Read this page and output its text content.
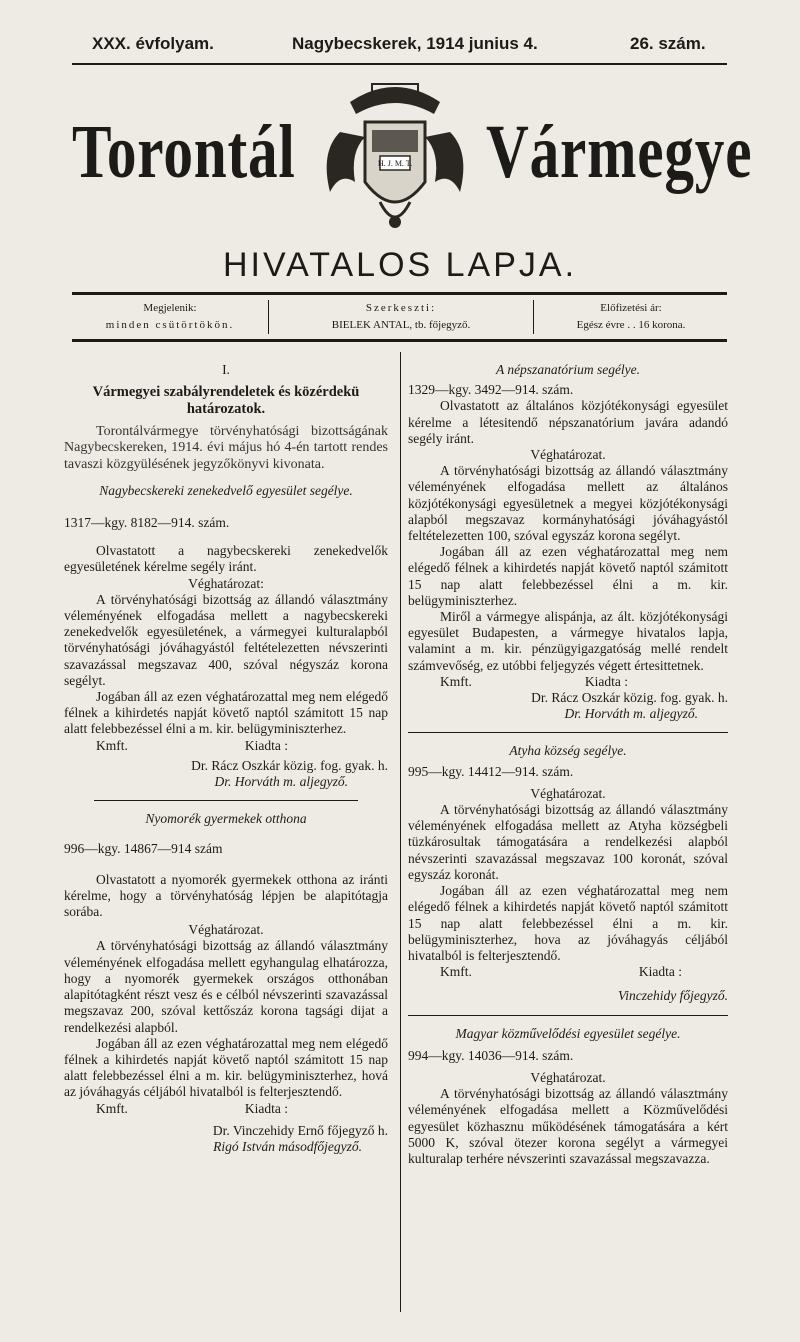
XXX. évfolyam.	Nagybecskerek, 1914 junius 4.	26. szám.
Torontál	Vármegye
H. J. M. T.
HIVATALOS LAPJA.
Megjelenik:
minden csütörtökön.
Szerkeszti:
BIELEK ANTAL, tb. főjegyző.
Előfizetési ár:
Egész évre . . 16 korona.

I.

Vármegyei szabályrendeletek és közérdekü határozatok.

Torontálvármegye törvényhatósági bizottságának Nagybecskereken, 1914. évi május hó 4-én tartott rendes tavaszi közgyülésének jegyzőkönyvi kivonata.

Nagybecskereki zenekedvelő egyesület segélye.

1317—kgy. 8182—914. szám.

Olvastatott a nagybecskereki zenekedvelők egyesületének kérelme segély iránt.

Véghatározat:

A törvényhatósági bizottság az állandó választmány véleményének elfogadása mellett a nagybecskereki zenekedvelők egyesületének, a vármegyei kulturalapból törvényhatósági jóváhagyástól feltételezetten névszerinti szavazással megszavaz 400, szóval négyszáz korona segélyt.

Jogában áll az ezen véghatározattal meg nem elégedő félnek a kihirdetés napját követő naptól számitott 15 nap alatt felebbezéssel élni a m. kir. belügyminiszterhez.

Kmft.	Kiadta :

Dr. Rácz Oszkár közig. fog. gyak. h.

Dr. Horváth m. aljegyző.

Nyomorék gyermekek otthona

996—kgy. 14867—914 szám

Olvastatott a nyomorék gyermekek otthona az iránti kérelme, hogy a törvényhatóság lépjen be alapitótagja sorába.

Véghatározat.

A törvényhatósági bizottság az állandó választmány véleményének elfogadása mellett egyhangulag elhatározza, hogy a nyomorék gyermekek országos otthonában alapitótagként részt vesz és e célból névszerinti szavazással megszavaz 200, szóval kettőszáz korona tagsági dijat a rendelkezési alapból.

Jogában áll az ezen véghatározattal meg nem elégedő félnek a kihirdetés napját követő naptól számitott 15 nap alatt felebbezéssel élni a m. kir. belügyminiszterhez, hová az jóváhagyás céljából hivatalból is felterjesztendő.

Kmft.	Kiadta :

Dr. Vinczehidy Ernő főjegyző h.

Rigó István másodfőjegyző.

A népszanatórium segélye.

1329—kgy. 3492—914. szám.

Olvastatott az általános közjótékonysági egyesület kérelme a létesitendő népszanatórium javára adandó segély iránt.

Véghatározat.

A törvényhatósági bizottság az állandó választmány véleményének elfogadása mellett az általános közjótékonysági egyesületnek a megyei közjótékonysági alapból megszavaz kormányhatósági jóváhagyástól feltételezetten 100, szóval egyszáz korona segélyt.

Jogában áll az ezen véghatározattal meg nem elégedő félnek a kihirdetés napját követő naptól számitott 15 nap alatt felebbezéssel élni a m. kir. belügyminiszterhez.

Miről a vármegye alispánja, az ált. közjótékonysági egyesület Budapesten, a vármegye hivatalos lapja, valamint a m. kir. pénzügyigazgatóság mellé rendelt számvevőség, ez utóbbi feljegyzés végett értesittetnek.

Kmft.	Kiadta :

Dr. Rácz Oszkár közig. fog. gyak. h.

Dr. Horváth m. aljegyző.

Atyha község segélye.

995—kgy. 14412—914. szám.

Véghatározat.

A törvényhatósági bizottság az állandó választmány véleményének elfogadása mellett az Atyha községbeli tüzkárosultak támogatására a rendelkezési alapból névszerinti szavazással megszavaz 100 koronát, szóval egyszáz koronát.

Jogában áll az ezen véghatározattal meg nem elégedő félnek a kihirdetés napját követő naptól számitott 15 nap alatt felebbezéssel élni a m. kir. belügyminiszterhez, hova az jóváhagyás céljából hivatalból is felterjesztendő.

Kmft.	Kiadta :

Vinczehidy főjegyző.

Magyar közművelődési egyesület segélye.

994—kgy. 14036—914. szám.

Véghatározat.

A törvényhatósági bizottság az állandó választmány véleményének elfogadása mellett a Közművelődési egyesület közhasznu működésének támogatására a kért 5000 K, szóval ötezer korona segélyt a vármegyei kulturalap terhére névszerinti szavazással megszavazza.
